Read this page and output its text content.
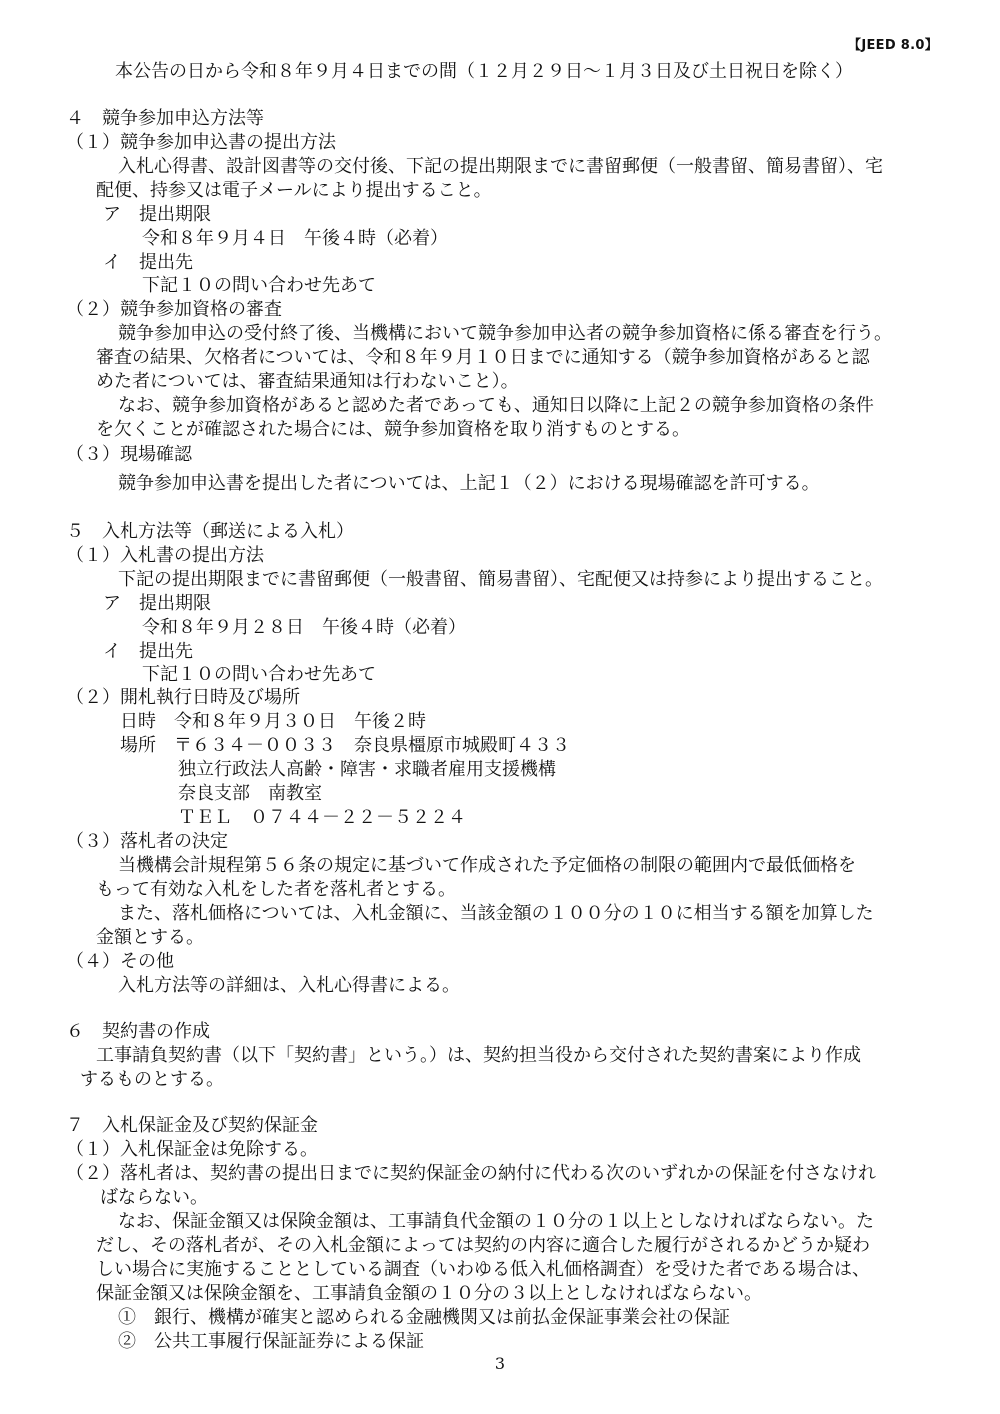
【JEED 8.0】
本公告の日から令和８年９月４日までの間（１２月２９日～１月３日及び土日祝日を除く）
４　競争参加申込方法等
（１）競争参加申込書の提出方法
入札心得書、設計図書等の交付後、下記の提出期限までに書留郵便（一般書留、簡易書留）、宅
配便、持参又は電子メールにより提出すること。
ア　提出期限
令和８年９月４日　午後４時（必着）
イ　提出先
下記１０の問い合わせ先あて
（２）競争参加資格の審査
競争参加申込の受付終了後、当機構において競争参加申込者の競争参加資格に係る審査を行う。
審査の結果、欠格者については、令和８年９月１０日までに通知する（競争参加資格があると認
めた者については、審査結果通知は行わないこと）。
なお、競争参加資格があると認めた者であっても、通知日以降に上記２の競争参加資格の条件
を欠くことが確認された場合には、競争参加資格を取り消すものとする。
（３）現場確認
競争参加申込書を提出した者については、上記１（２）における現場確認を許可する。
５　入札方法等（郵送による入札）
（１）入札書の提出方法
下記の提出期限までに書留郵便（一般書留、簡易書留）、宅配便又は持参により提出すること。
ア　提出期限
令和８年９月２８日　午後４時（必着）
イ　提出先
下記１０の問い合わせ先あて
（２）開札執行日時及び場所
日時　令和８年９月３０日　午後２時
場所　〒６３４－００３３　奈良県橿原市城殿町４３３
独立行政法人高齢・障害・求職者雇用支援機構
奈良支部　南教室
ＴＥＬ　０７４４－２２－５２２４
（３）落札者の決定
当機構会計規程第５６条の規定に基づいて作成された予定価格の制限の範囲内で最低価格を
もって有効な入札をした者を落札者とする。
また、落札価格については、入札金額に、当該金額の１００分の１０に相当する額を加算した
金額とする。
（４）その他
入札方法等の詳細は、入札心得書による。
６　契約書の作成
工事請負契約書（以下「契約書」という。）は、契約担当役から交付された契約書案により作成
するものとする。
７　入札保証金及び契約保証金
（１）入札保証金は免除する。
（２）落札者は、契約書の提出日までに契約保証金の納付に代わる次のいずれかの保証を付さなけれ
ばならない。
なお、保証金額又は保険金額は、工事請負代金額の１０分の１以上としなければならない。た
だし、その落札者が、その入札金額によっては契約の内容に適合した履行がされるかどうか疑わ
しい場合に実施することとしている調査（いわゆる低入札価格調査）を受けた者である場合は、
保証金額又は保険金額を、工事請負金額の１０分の３以上としなければならない。
①　銀行、機構が確実と認められる金融機関又は前払金保証事業会社の保証
②　公共工事履行保証証券による保証
3
